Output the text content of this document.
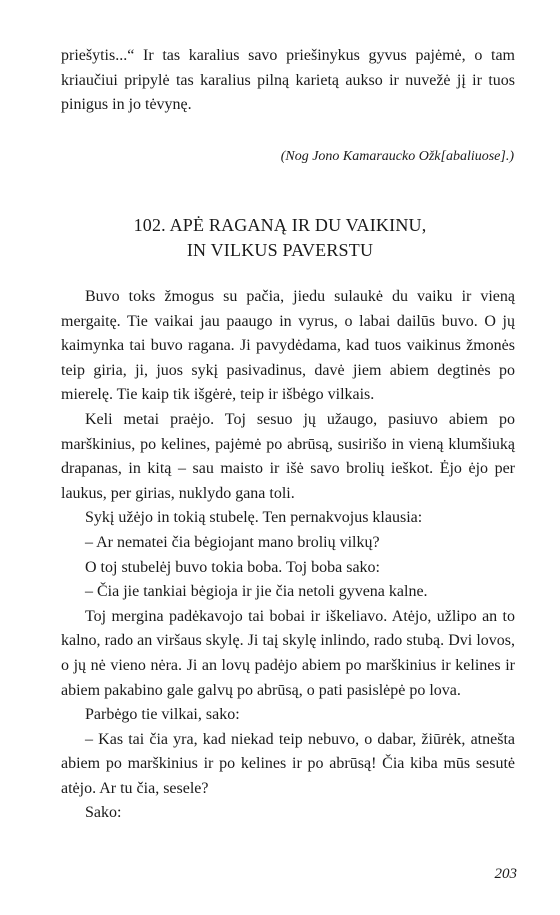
priešytis...“ Ir tas karalius savo priešinykus gyvus pajėmė, o tam kriaučiui pripylė tas karalius pilną karietą aukso ir nuvežė jį ir tuos pinigus in jo tėvynę.

(Nog Jono Kamarauckο Ožk[abaliuose].)
102. APĖ RAGANĄ IR DU VAIKINU,
IN VILKUS PAVERSTU

Buvo toks žmogus su pačia, jiedu sulaukė du vaiku ir vieną mergaitę. Tie vaikai jau paaugo in vyrus, o labai dailūs buvo. O jų kaimynka tai buvo ragana. Ji pavydėdama, kad tuos vaikinus žmonės teip giria, ji, juos sykį pasivadinus, davė jiem abiem degtinės po mierelę. Tie kaip tik išgėrė, teip ir išbėgo vilkais.

Keli metai praėjo. Toj sesuo jų užaugo, pasiuvo abiem po marškinius, po kelines, pajėmė po abrūsą, susirišo in vieną klumšiuką drapanas, in kitą – sau maisto ir išė savo brolių ieškot. Ėjo ėjo per laukus, per girias, nuklydo gana toli.

Sykį užėjo in tokią stubelę. Ten pernakvojus klausia:

– Ar nematei čia bėgiojant mano brolių vilkų?

O toj stubelėj buvo tokia boba. Toj boba sako:

– Čia jie tankiai bėgioja ir jie čia netoli gyvena kalne.

Toj mergina padėkavojo tai bobai ir iškeliavo. Atėjo, užlipo an to kalno, rado an viršaus skylę. Ji taį skylę inlindo, rado stubą. Dvi lovos, o jų nė vieno nėra. Ji an lovų padėjo abiem po marškinius ir kelines ir abiem pakabino gale galvų po abrūsą, o pati pasislėpė po lova.

Parbėgo tie vilkai, sako:

– Kas tai čia yra, kad niekad teip nebuvo, o dabar, žiūrėk, atnešta abiem po marškinius ir po kelines ir po abrūsą! Čia kiba mūs sesutė atėjo. Ar tu čia, sesele?

Sako:

203
